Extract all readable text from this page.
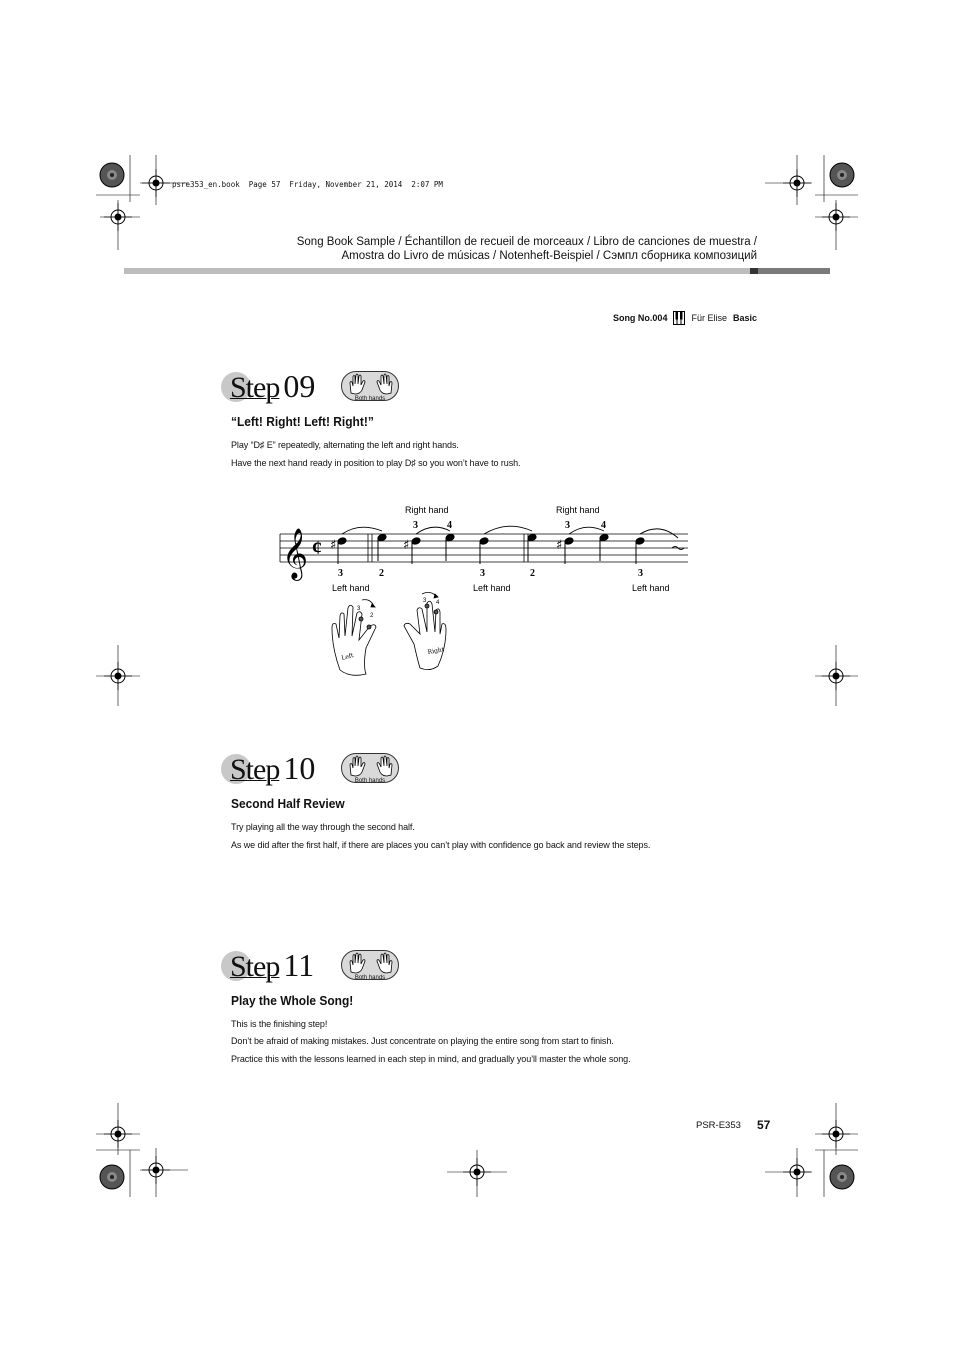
psre353_en.book  Page 57  Friday, November 21, 2014  2:07 PM
Song Book Sample / Échantillon de recueil de morceaux / Libro de canciones de muestra /
Amostra do Livro de músicas / Notenheft-Beispiel / Сэмпл сборника композиций
Song No.004	Für Elise Basic
Step 09	Both hands
“Left! Right! Left! Right!”
Play “D♯ E” repeatedly, alternating the left and right hands.
Have the next hand ready in position to play D♯ so you won’t have to rush.
𝄞 ¢ ♯	♯	♯
3	4	3	4
3	2	3	2	3
Right hand	Right hand
Left hand	Left hand	Left hand
3
2
Left
3 4
Right
Step 10	Both hands
Second Half Review
Try playing all the way through the second half.
As we did after the first half, if there are places you can’t play with confidence go back and review the steps.
Step 11	Both hands
Play the Whole Song!
This is the finishing step!
Don’t be afraid of making mistakes. Just concentrate on playing the entire song from start to finish.
Practice this with the lessons learned in each step in mind, and gradually you’ll master the whole song.
PSR-E353 57
